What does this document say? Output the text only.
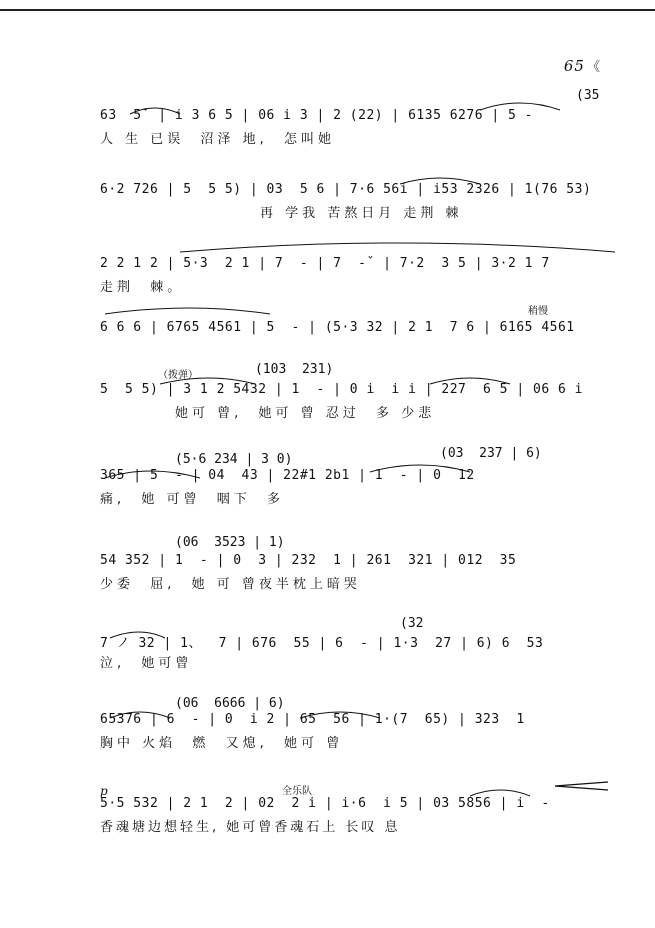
65 《
(35
63  5ˇ | i 3 6 5 | 06 i 3 | 2 (22) | 6135 6276 | 5 -
人 生 已误  沼泽 地,  怎叫她
6·2 726 | 5  5 5) | 03  5 6 | 7·6 56i | i53 2326 | 1(76 53)
再 学我 苦熬日月 走荆 棘
2 2 1 2 | 5·3  2 1 | 7  - | 7  -ˇ | 7·2  3 5 | 3·2 1 7
走荆  棘。
稍慢
6 6 6 | 6765 4561 | 5  - | (5·3 32 | 2 1  7 6 | 6165 4561
（拨弹）	(103  231)
5  5 5) | 3 1 2 5432 | 1  - | 0 i  i i | 227  6 5 | 06 6 i
她可 曾,  她可 曾 忍过  多 少悲
(5·6 234 | 3 0)	(03  237 | 6)
365 | 5  - | 04  43 | 22#1 2b1 | 1  - | 0  12
痛,  她 可曾  咽下  多
(06  3523 | 1)
54 352 | 1  - | 0  3 | 232  1 | 261  321 | 012  35
少委  屈,  她 可 曾夜半枕上暗哭
(32
7 ノ 32 | 1、  7 | 676  55 | 6  - | 1·3  27 | 6) 6  53
泣,  她可曾
(06  6666 | 6)
65376 | 6  - | 0  i 2 | 65  56 | 1·(7  65) | 323  1
胸中 火焰  燃  又熄,  她可 曾
p	全乐队
5·5 532 | 2 1  2 | 02  2 i | i·6  i 5 | 03 5856 | i  -
香魂塘边想轻生, 她可曾香魂石上 长叹 息
